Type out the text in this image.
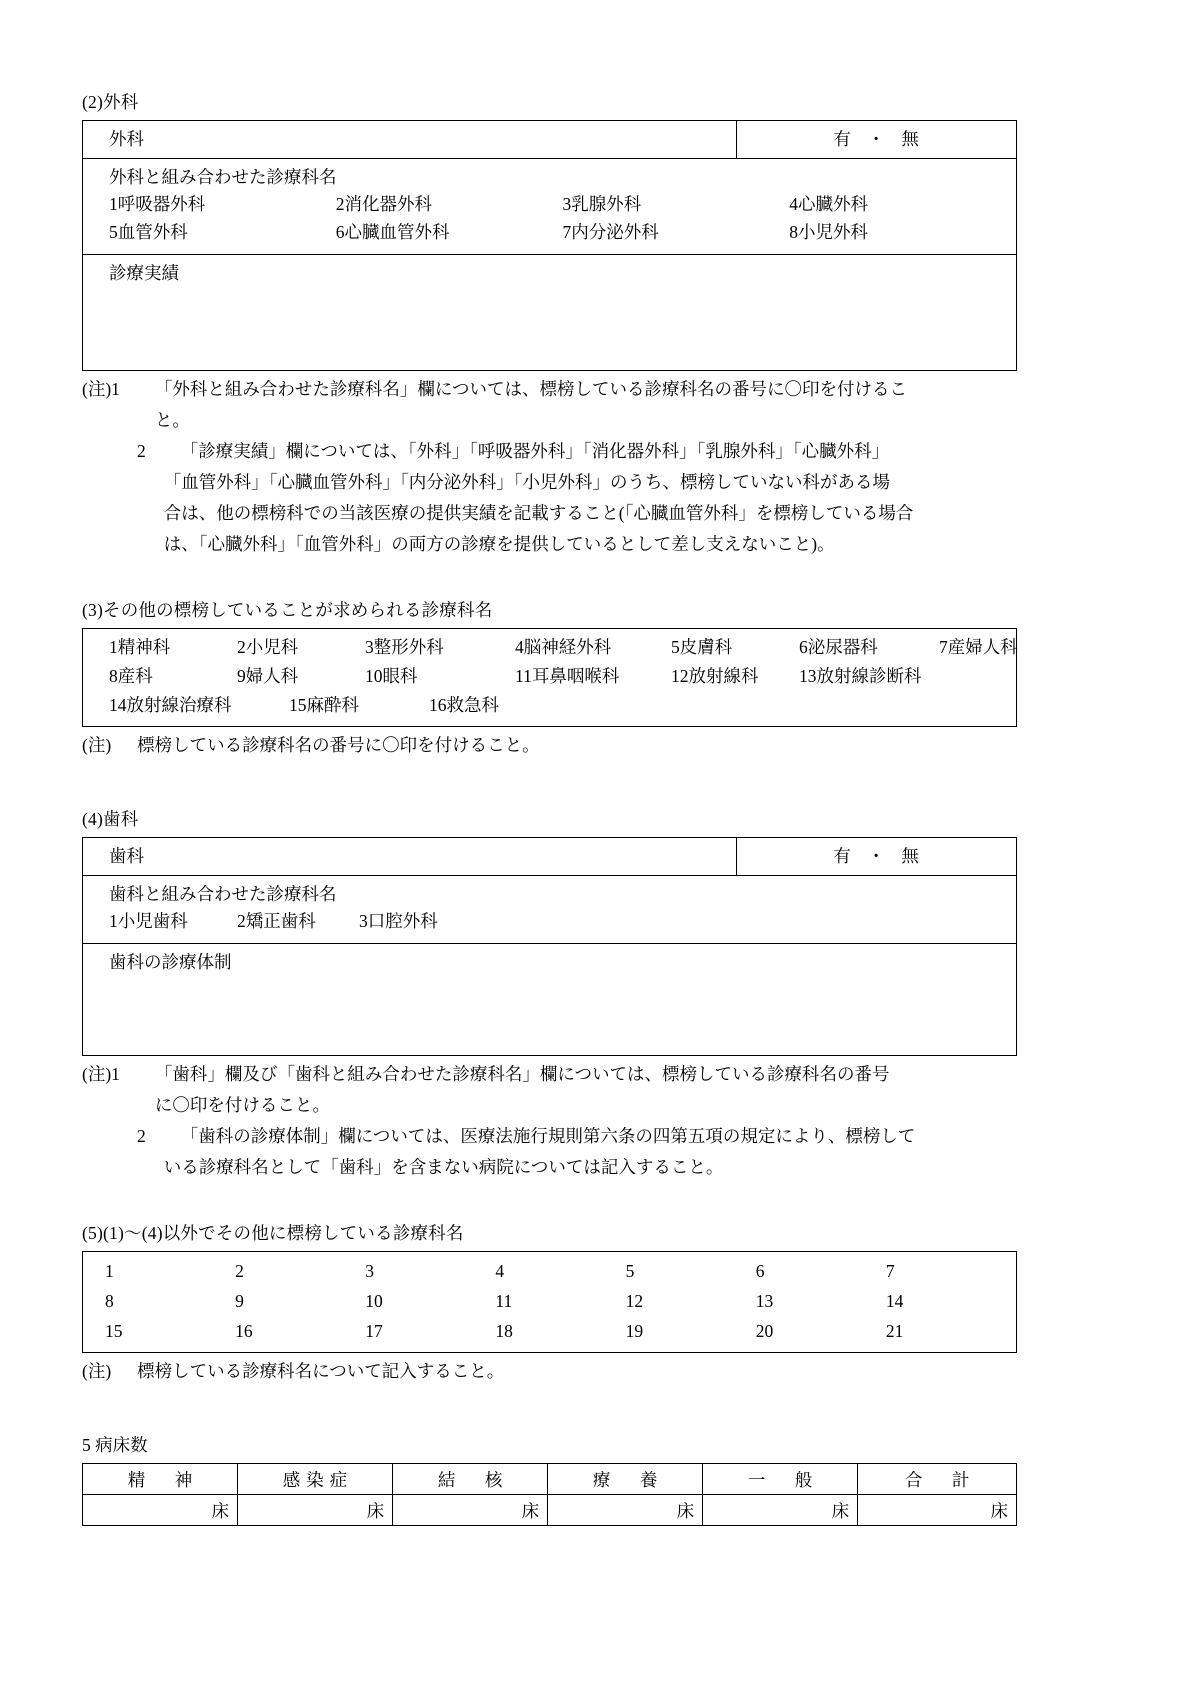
(2)外科
外科	有 ・ 無

外科と組み合わせた診療科名
1呼吸器外科	2消化器外科	3乳腺外科	4心臓外科
5血管外科	6心臓血管外科	7内分泌外科	8小児外科

診療実績
(注)1	「外科と組み合わせた診療科名」欄については、標榜している診療科名の番号に〇印を付けるこ
と。
2	「診療実績」欄については、「外科」「呼吸器外科」「消化器外科」「乳腺外科」「心臓外科」
「血管外科」「心臓血管外科」「内分泌外科」「小児外科」のうち、標榜していない科がある場
合は、他の標榜科での当該医療の提供実績を記載すること(「心臓血管外科」を標榜している場合
は、「心臓外科」「血管外科」の両方の診療を提供しているとして差し支えないこと)。
(3)その他の標榜していることが求められる診療科名
1精神科	2小児科	3整形外科	4脳神経外科	5皮膚科	6泌尿器科	7産婦人科
8産科	9婦人科	10眼科	11耳鼻咽喉科	12放射線科	13放射線診断科
14放射線治療科	15麻酔科	16救急科
(注)	標榜している診療科名の番号に〇印を付けること。
(4)歯科
歯科	有 ・ 無

歯科と組み合わせた診療科名
1小児歯科	2矯正歯科	3口腔外科

歯科の診療体制
(注)1	「歯科」欄及び「歯科と組み合わせた診療科名」欄については、標榜している診療科名の番号
に〇印を付けること。
2	「歯科の診療体制」欄については、医療法施行規則第六条の四第五項の規定により、標榜して
いる診療科名として「歯科」を含まない病院については記入すること。
(5)(1)～(4)以外でその他に標榜している診療科名
1	2	3	4	5	6	7
8	9	10	11	12	13	14
15	16	17	18	19	20	21
(注)	標榜している診療科名について記入すること。
5 病床数
精　神	感染症	結　核	療　養	一　般	合　計
床	床	床	床	床	床
